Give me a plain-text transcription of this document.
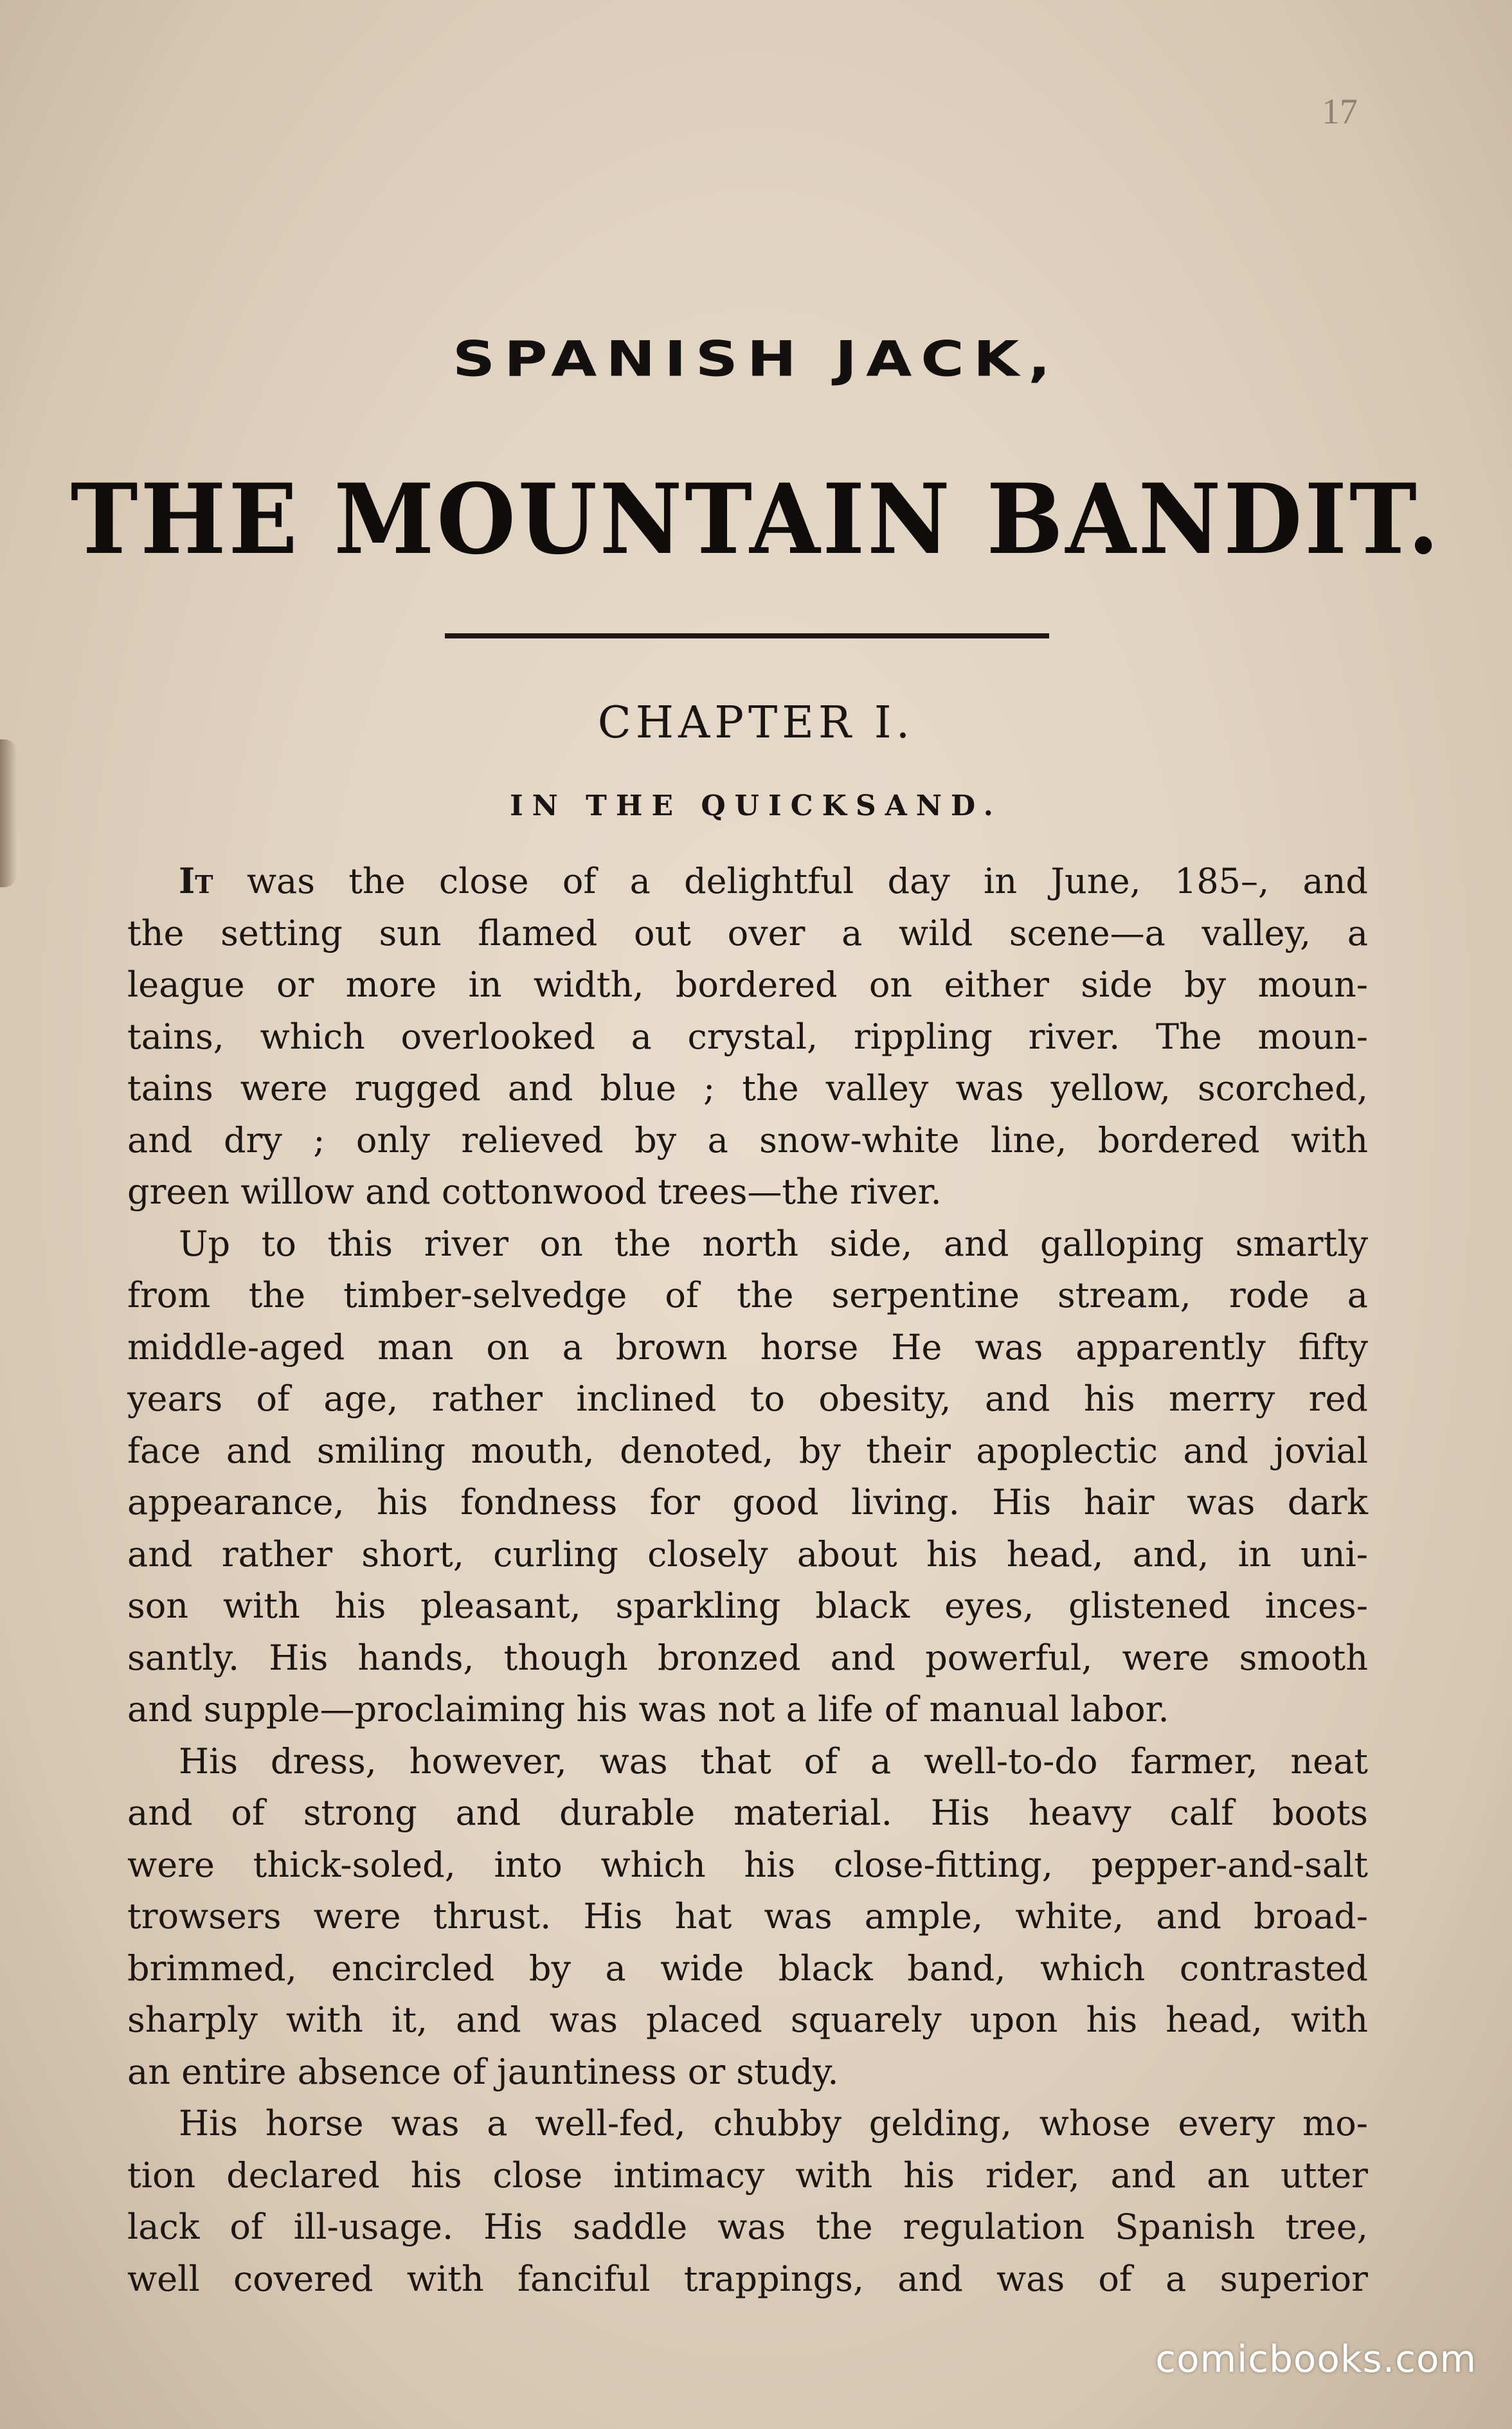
17
SPANISH JACK,
THE MOUNTAIN BANDIT.
CHAPTER I.
IN THE QUICKSAND.
It was the close of a delightful day in June, 185–, and
the setting sun flamed out over a wild scene—a valley, a
league or more in width, bordered on either side by moun-
tains, which overlooked a crystal, rippling river. The moun-
tains were rugged and blue ; the valley was yellow, scorched,
and dry ; only relieved by a snow-white line, bordered with
green willow and cottonwood trees—the river.
Up to this river on the north side, and galloping smartly
from the timber-selvedge of the serpentine stream, rode a
middle-aged man on a brown horse He was apparently fifty
years of age, rather inclined to obesity, and his merry red
face and smiling mouth, denoted, by their apoplectic and jovial
appearance, his fondness for good living. His hair was dark
and rather short, curling closely about his head, and, in uni-
son with his pleasant, sparkling black eyes, glistened inces-
santly. His hands, though bronzed and powerful, were smooth
and supple—proclaiming his was not a life of manual labor.
His dress, however, was that of a well-to-do farmer, neat
and of strong and durable material. His heavy calf boots
were thick-soled, into which his close-fitting, pepper-and-salt
trowsers were thrust. His hat was ample, white, and broad-
brimmed, encircled by a wide black band, which contrasted
sharply with it, and was placed squarely upon his head, with
an entire absence of jauntiness or study.
His horse was a well-fed, chubby gelding, whose every mo-
tion declared his close intimacy with his rider, and an utter
lack of ill-usage. His saddle was the regulation Spanish tree,
well covered with fanciful trappings, and was of a superior
comicbooks.com
